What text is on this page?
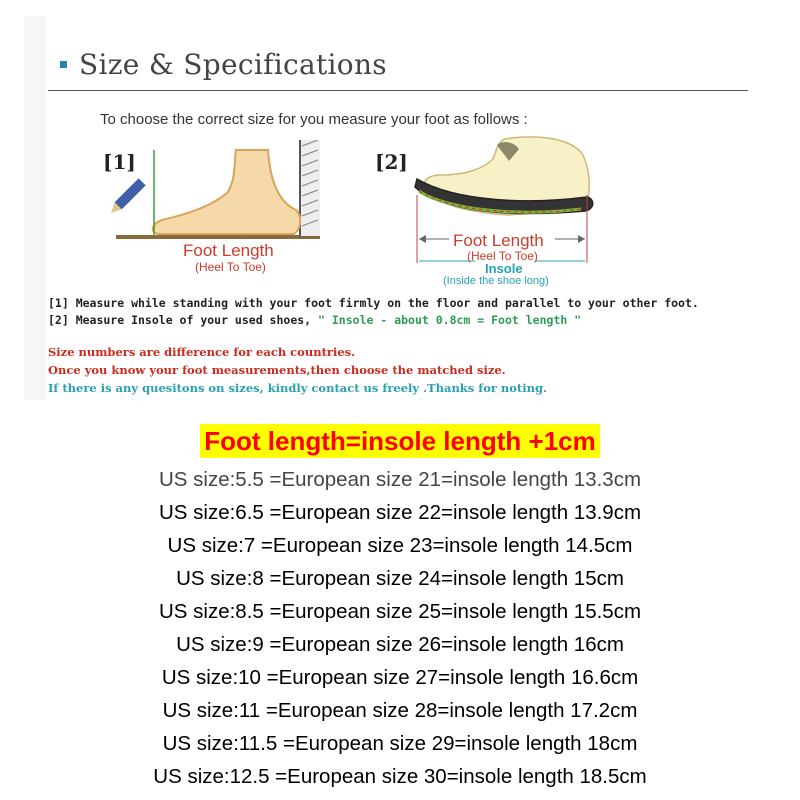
Size & Specifications
To choose the correct size for you measure your foot as follows :
[1]
Foot Length
(Heel To Toe)
[2]
Foot Length
(Heel To Toe)
Insole
(Inside the shoe long)
[1] Measure while standing with your foot firmly on the floor and parallel to your other foot.
[2] Measure Insole of your used shoes, " Insole - about 0.8cm = Foot length "
Size numbers are difference for each countries.
Once you know your foot measurements,then choose the matched size.
If there is any quesitons on sizes, kindly contact us freely .Thanks for noting.
Foot length=insole length +1cm
US size:5.5 =European size 21=insole length 13.3cm
US size:6.5 =European size 22=insole length 13.9cm
US size:7 =European size 23=insole length 14.5cm
US size:8 =European size 24=insole length 15cm
US size:8.5 =European size 25=insole length 15.5cm
US size:9 =European size 26=insole length 16cm
US size:10 =European size 27=insole length 16.6cm
US size:11 =European size 28=insole length 17.2cm
US size:11.5 =European size 29=insole length 18cm
US size:12.5 =European size 30=insole length 18.5cm
